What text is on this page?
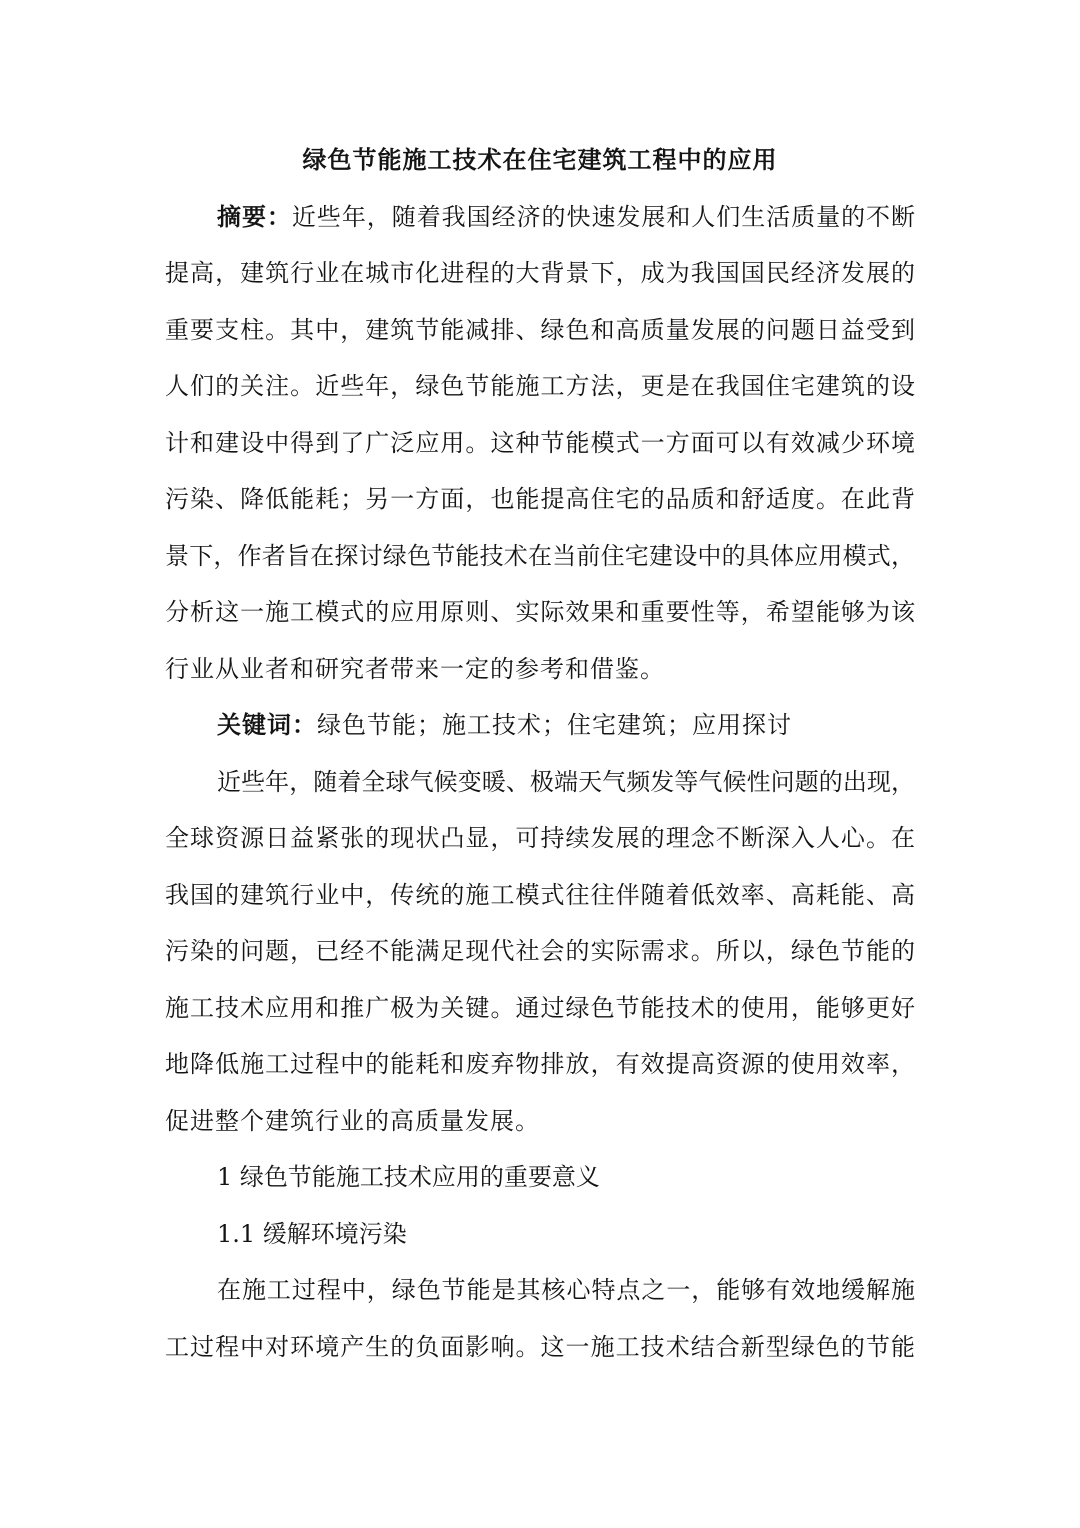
绿色节能施工技术在住宅建筑工程中的应用
摘要：近些年，随着我国经济的快速发展和人们生活质量的不断
提高，建筑行业在城市化进程的大背景下，成为我国国民经济发展的
重要支柱。其中，建筑节能减排、绿色和高质量发展的问题日益受到
人们的关注。近些年，绿色节能施工方法，更是在我国住宅建筑的设
计和建设中得到了广泛应用。这种节能模式一方面可以有效减少环境
污染、降低能耗；另一方面，也能提高住宅的品质和舒适度。在此背
景下，作者旨在探讨绿色节能技术在当前住宅建设中的具体应用模式，
分析这一施工模式的应用原则、实际效果和重要性等，希望能够为该
行业从业者和研究者带来一定的参考和借鉴。
关键词：绿色节能；施工技术；住宅建筑；应用探讨
近些年，随着全球气候变暖、极端天气频发等气候性问题的出现，
全球资源日益紧张的现状凸显，可持续发展的理念不断深入人心。在
我国的建筑行业中，传统的施工模式往往伴随着低效率、高耗能、高
污染的问题，已经不能满足现代社会的实际需求。所以，绿色节能的
施工技术应用和推广极为关键。通过绿色节能技术的使用，能够更好
地降低施工过程中的能耗和废弃物排放，有效提高资源的使用效率，
促进整个建筑行业的高质量发展。
1 绿色节能施工技术应用的重要意义
1.1 缓解环境污染
在施工过程中，绿色节能是其核心特点之一，能够有效地缓解施
工过程中对环境产生的负面影响。这一施工技术结合新型绿色的节能
